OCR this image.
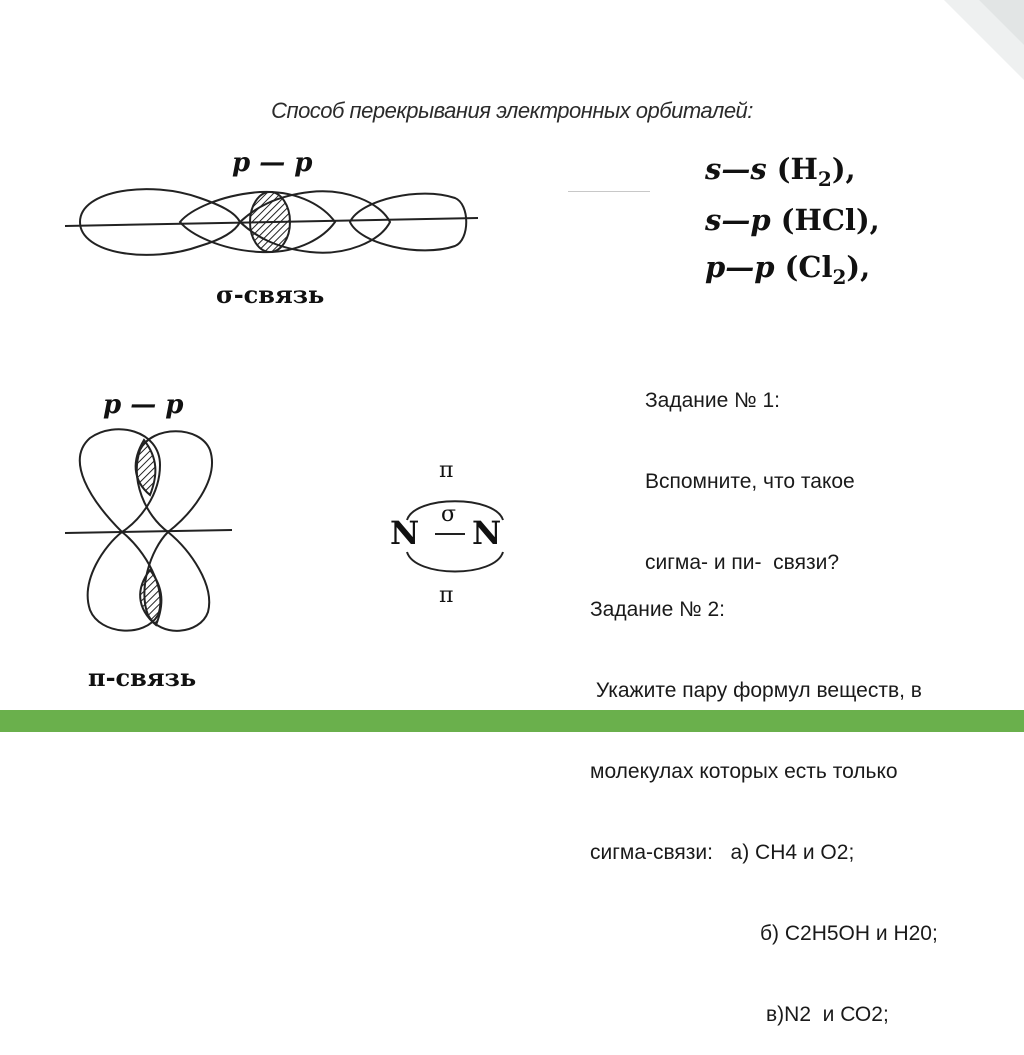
Способ перекрывания электронных орбиталей:
p — p
σ-связь
s—s $(H_2)$,
s—p (HCl),
p—p $(Cl_2)$,

Задание № 1:

Вспомните, что такое

сигма- и пи-  связи?

p — p
π-связь
π
N σ N
π

Задание № 2:

Укажите пару формул веществ, в

молекулах которых есть только

сигма-связи: а) СН4 и О2;

б) С2Н5ОН и Н20;

в)N2  и СО2;
